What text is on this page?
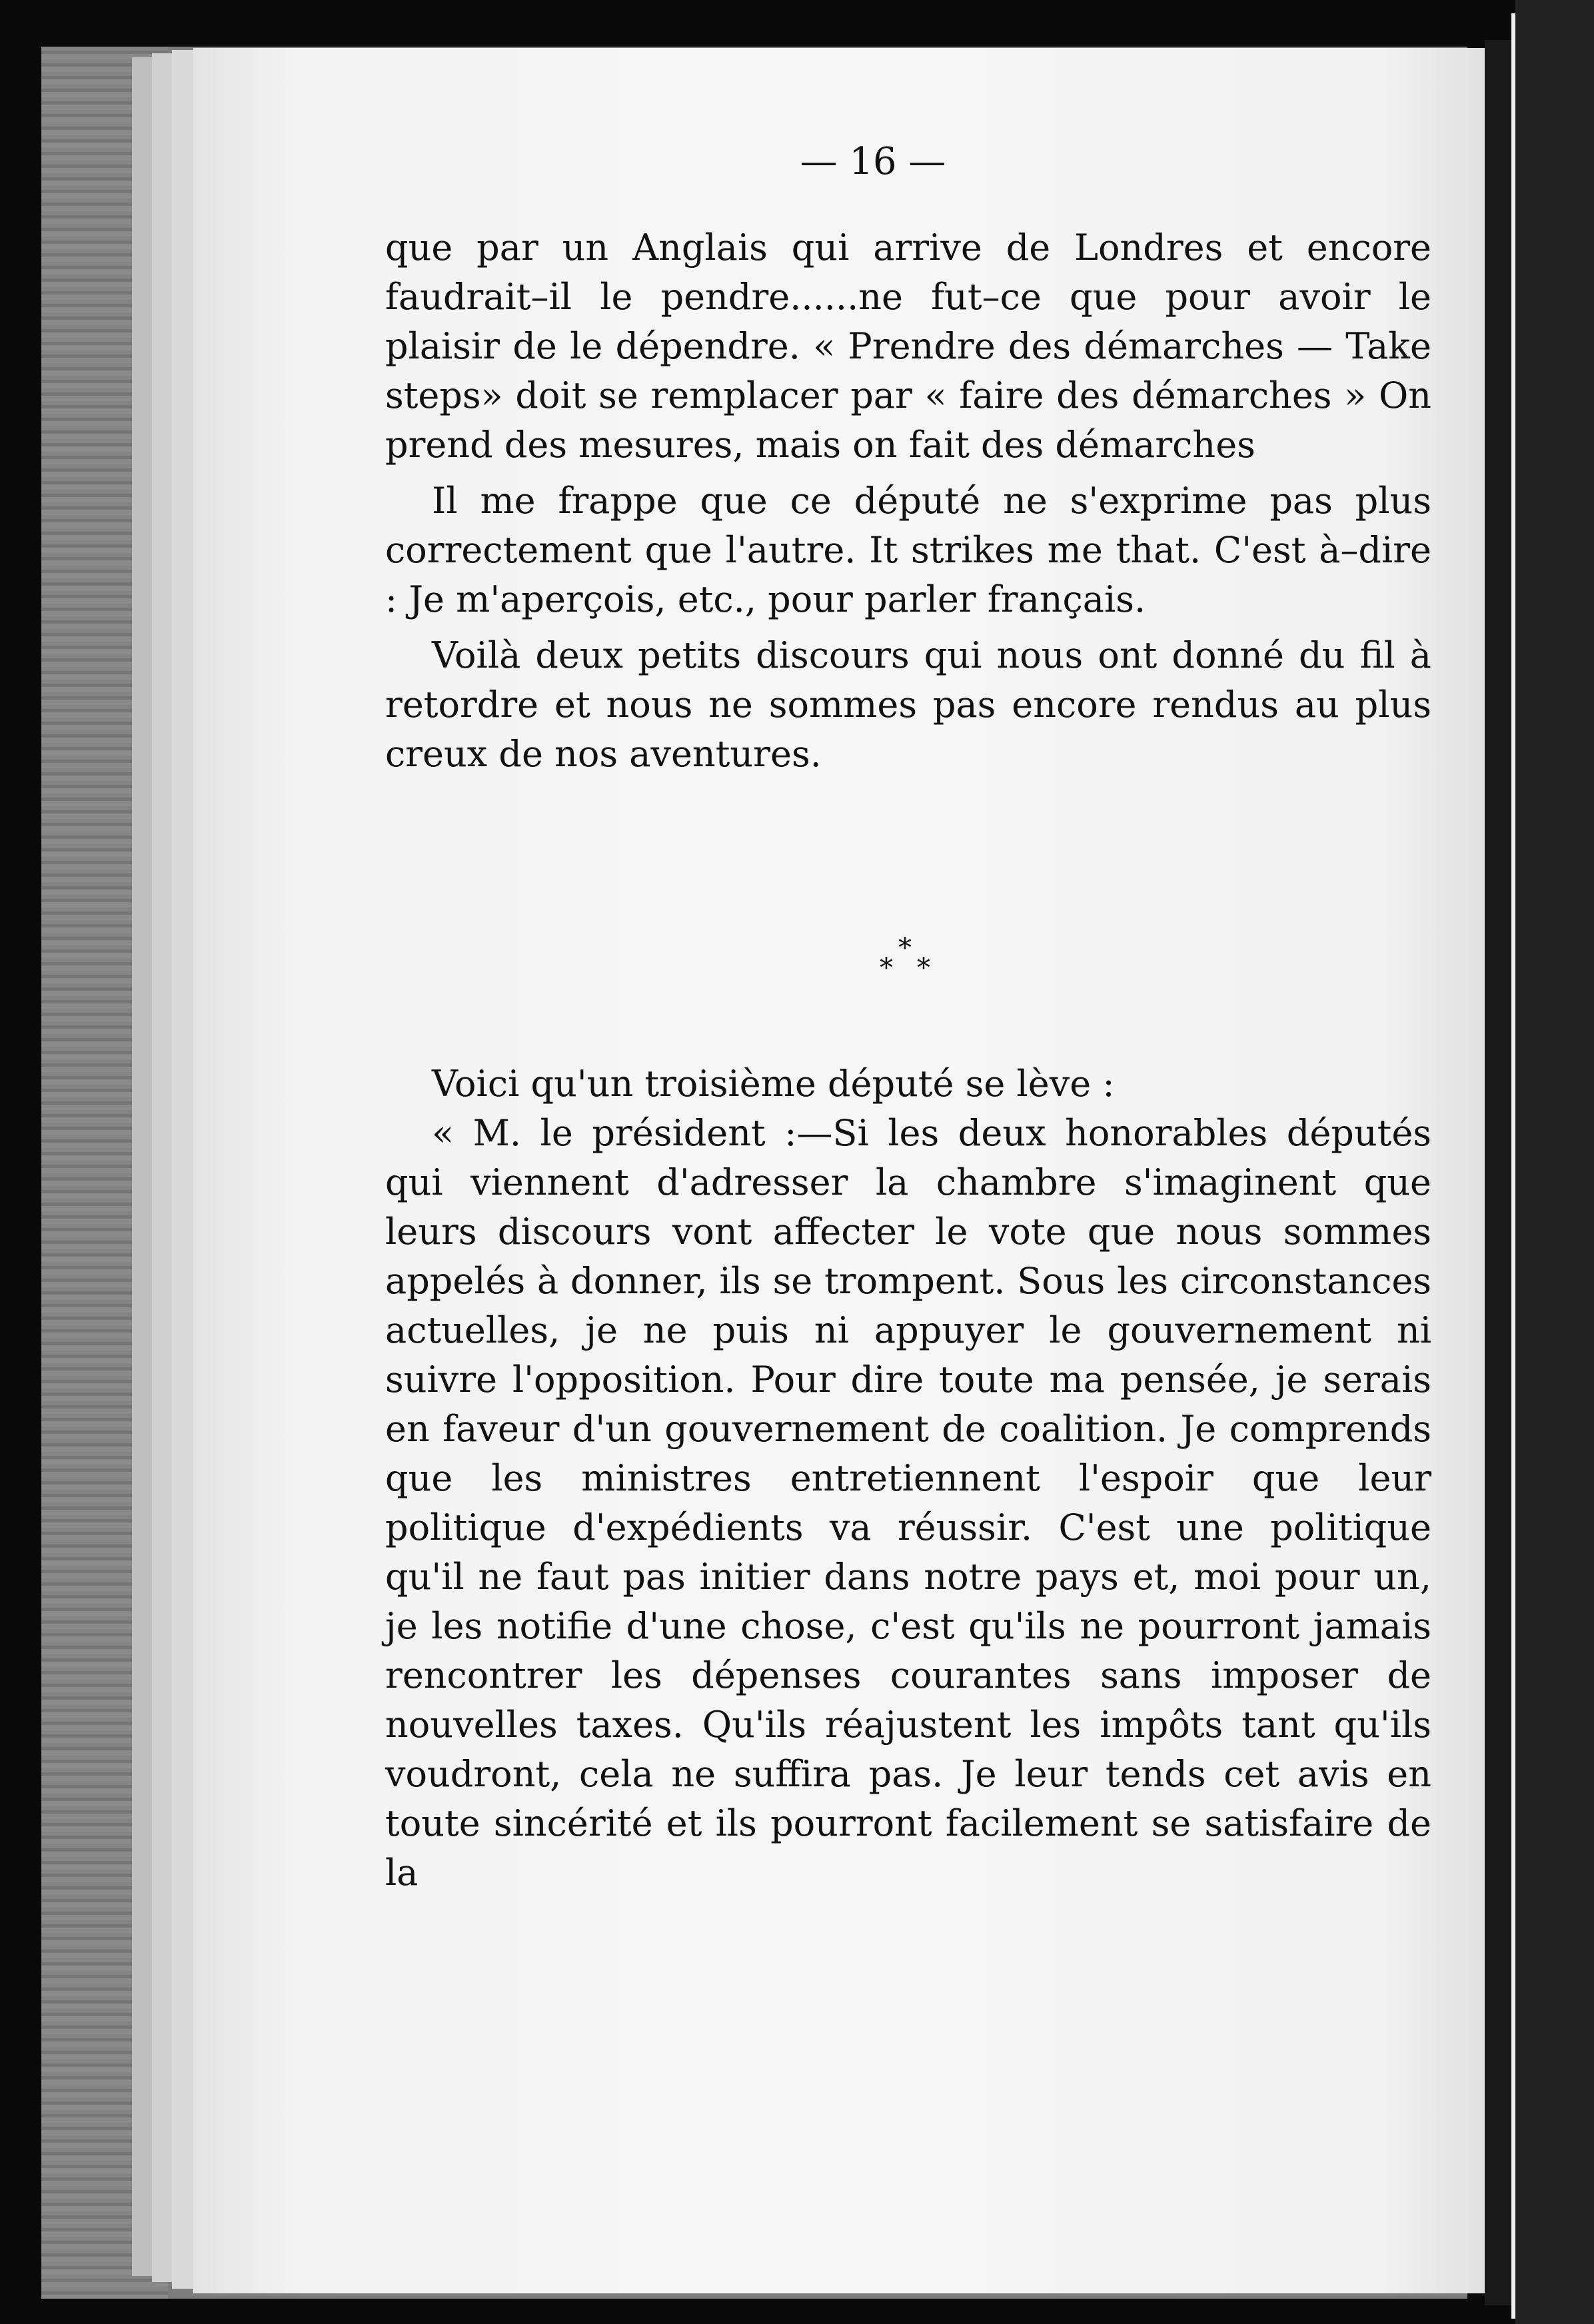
— 16 —

que par un Anglais qui arrive de Londres et encore faudrait–il le pendre......ne fut–ce que pour avoir le plaisir de le dépendre. « Prendre des démarches — Take steps» doit se remplacer par « faire des démarches » On prend des mesures, mais on fait des démarches

Il me frappe que ce député ne s'exprime pas plus correctement que l'autre. It strikes me that. C'est à–dire : Je m'aperçois, etc., pour parler français.

Voilà deux petits discours qui nous ont donné du fil à retordre et nous ne sommes pas encore rendus au plus creux de nos aventures.

*
* *

Voici qu'un troisième député se lève :

« M. le président :—Si les deux honorables députés qui viennent d'adresser la chambre s'imaginent que leurs discours vont affecter le vote que nous sommes appelés à donner, ils se trompent. Sous les circonstances actuelles, je ne puis ni appuyer le gouvernement ni suivre l'opposition. Pour dire toute ma pensée, je serais en faveur d'un gouvernement de coalition. Je comprends que les ministres entretiennent l'espoir que leur politique d'expédients va réussir. C'est une politique qu'il ne faut pas initier dans notre pays et, moi pour un, je les notifie d'une chose, c'est qu'ils ne pourront jamais rencontrer les dépenses courantes sans imposer de nouvelles taxes. Qu'ils réajustent les impôts tant qu'ils voudront, cela ne suffira pas. Je leur tends cet avis en toute sincérité et ils pourront facilement se satisfaire de la
